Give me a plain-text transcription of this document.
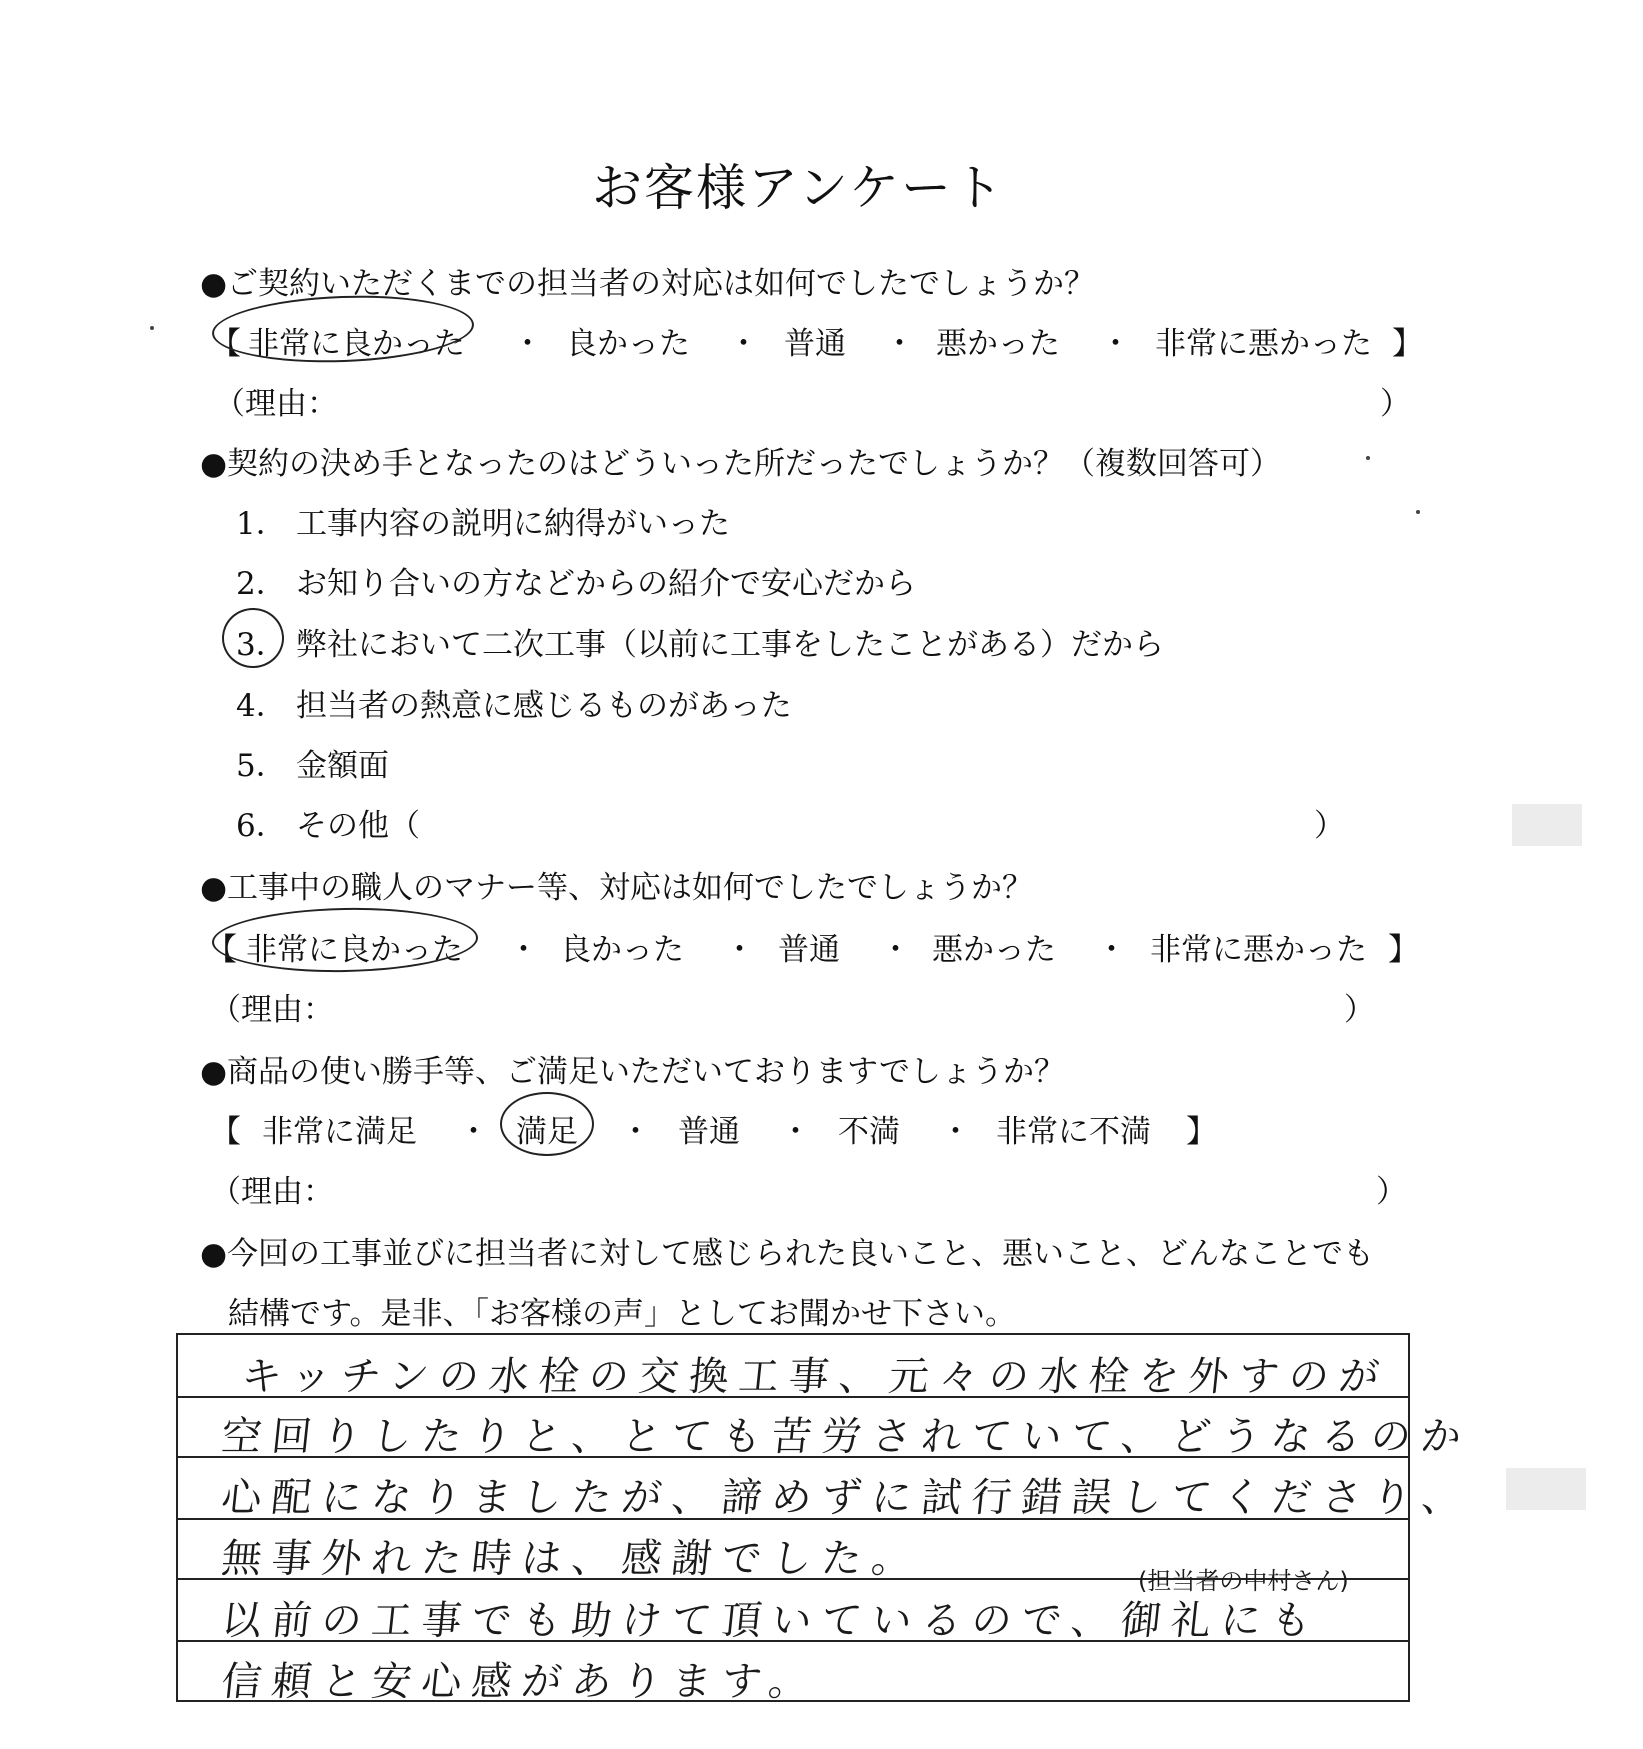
お客様アンケート
●ご契約いただくまでの担当者の対応は如何でしたでしょうか？
【 非常に良かった ・ 良かった ・ 普通 ・ 悪かった ・ 非常に悪かった 】
（理由：	）
●契約の決め手となったのはどういった所だったでしょうか？（複数回答可）
1． 工事内容の説明に納得がいった
2． お知り合いの方などからの紹介で安心だから
3． 弊社において二次工事（以前に工事をしたことがある）だから
4． 担当者の熱意に感じるものがあった
5． 金額面
6． その他（	）
●工事中の職人のマナー等、対応は如何でしたでしょうか？
【 非常に良かった ・ 良かった ・ 普通 ・ 悪かった ・ 非常に悪かった 】
（理由：	）
●商品の使い勝手等、ご満足いただいておりますでしょうか？
【 非常に満足 ・ 満足 ・ 普通 ・ 不満 ・ 非常に不満 】
（理由：	）
●今回の工事並びに担当者に対して感じられた良いこと、悪いこと、どんなことでも
結構です。是非、「お客様の声」としてお聞かせ下さい。
キッチンの水栓の交換工事、元々の水栓を外すのが
空回りしたりと、とても苦労されていて、どうなるのか
心配になりましたが、諦めずに試行錯誤してくださり、
無事外れた時は、感謝でした。
以前の工事でも助けて頂いているので、御礼にも
信頼と安心感があります。
(担当者の中村さん)
